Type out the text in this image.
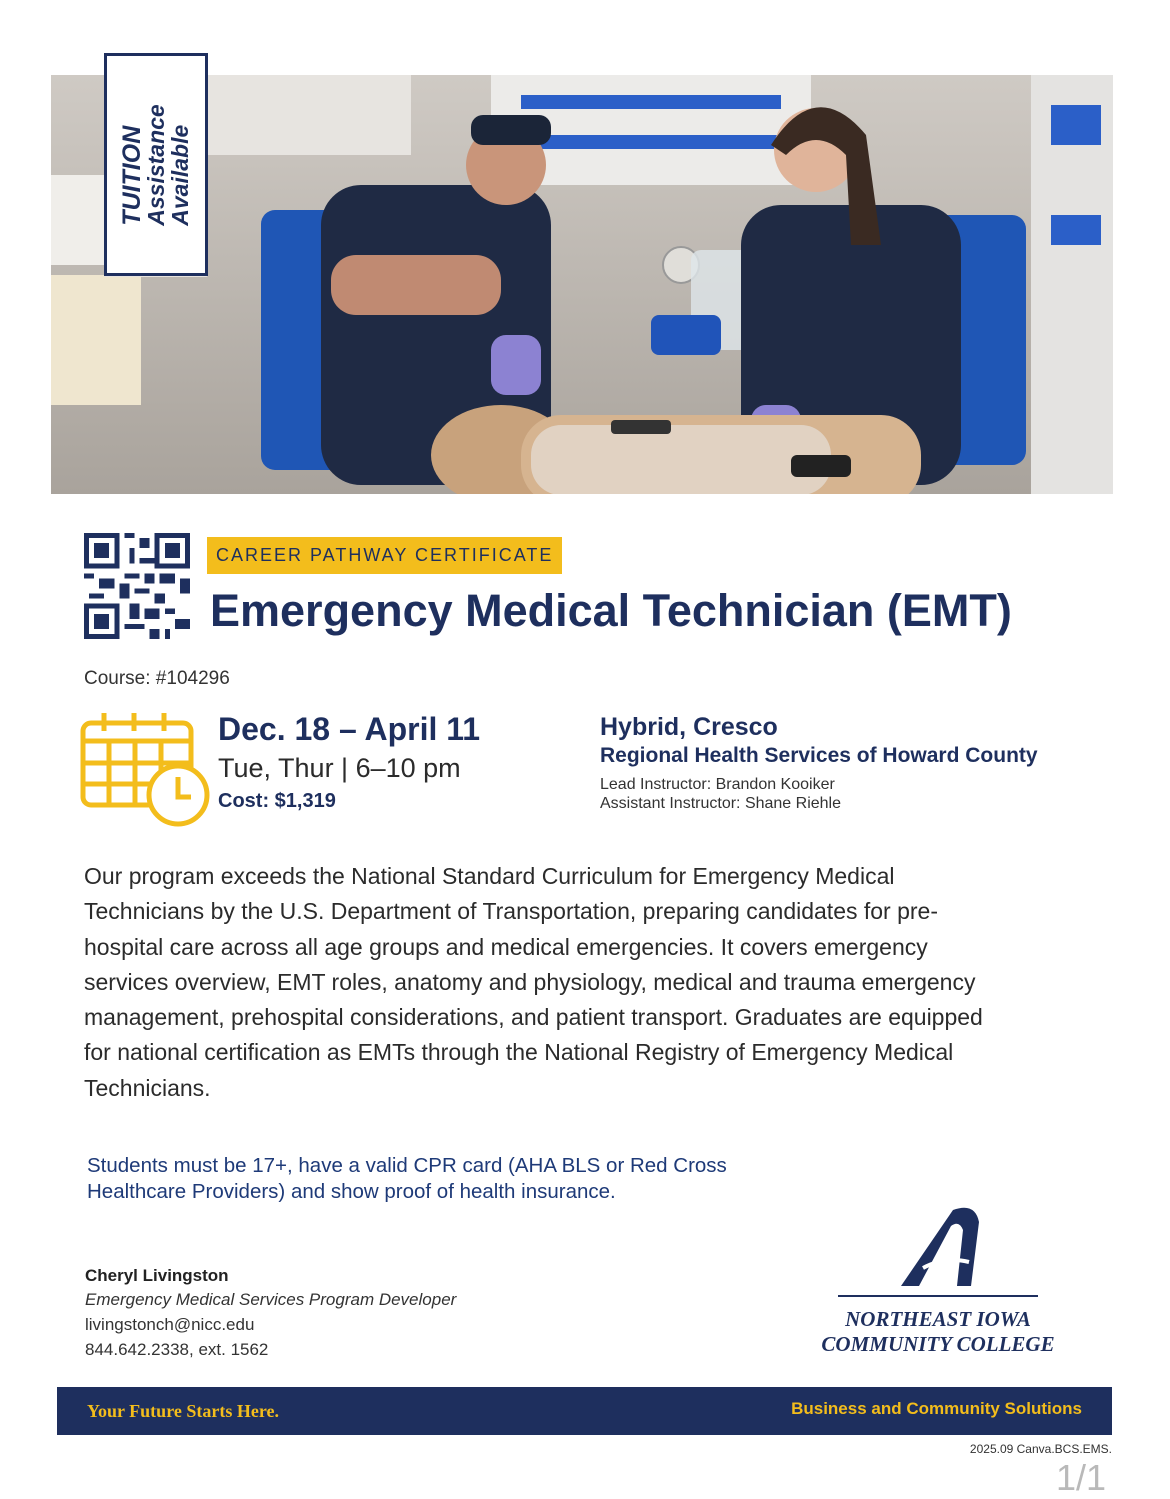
TUITION
Assistance
Available
CAREER PATHWAY CERTIFICATE
Emergency Medical Technician (EMT)
Course: #104296
Dec. 18 – April 11
Tue, Thur | 6–10 pm
Cost: $1,319
Hybrid, Cresco
Regional Health Services of Howard County
Lead Instructor: Brandon Kooiker
Assistant Instructor: Shane Riehle
Our program exceeds the National Standard Curriculum for Emergency Medical Technicians by the U.S. Department of Transportation, preparing candidates for pre-hospital care across all age groups and medical emergencies. It covers emergency services overview, EMT roles, anatomy and physiology, medical and trauma emergency management, prehospital considerations, and patient transport. Graduates are equipped for national certification as EMTs through the National Registry of Emergency Medical Technicians.
Students must be 17+, have a valid CPR card (AHA BLS or Red Cross Healthcare Providers) and show proof of health insurance.
Cheryl Livingston
Emergency Medical Services Program Developer
livingstonch@nicc.edu
844.642.2338, ext. 1562
NORTHEAST IOWA
COMMUNITY COLLEGE
Your Future Starts Here.	Business and Community Solutions
2025.09 Canva.BCS.EMS.
1/1
